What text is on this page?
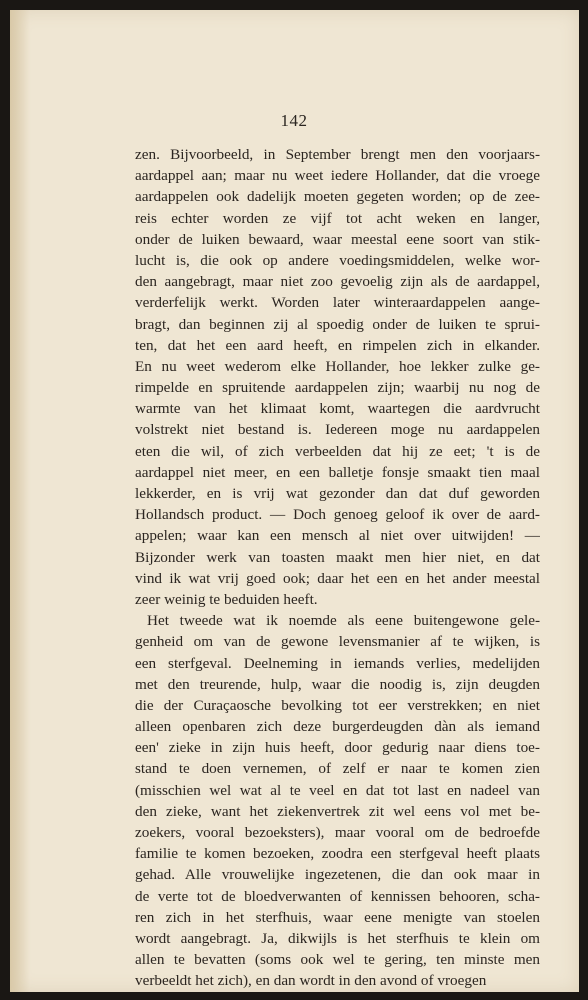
142
zen. Bijvoorbeeld, in September brengt men den voorjaars-
aardappel aan; maar nu weet iedere Hollander, dat die vroege
aardappelen ook dadelijk moeten gegeten worden; op de zee-
reis echter worden ze vijf tot acht weken en langer,
onder de luiken bewaard, waar meestal eene soort van stik-
lucht is, die ook op andere voedingsmiddelen, welke wor-
den aangebragt, maar niet zoo gevoelig zijn als de aardappel,
verderfelijk werkt. Worden later winteraardappelen aange-
bragt, dan beginnen zij al spoedig onder de luiken te sprui-
ten, dat het een aard heeft, en rimpelen zich in elkander.
En nu weet wederom elke Hollander, hoe lekker zulke ge-
rimpelde en spruitende aardappelen zijn; waarbij nu nog de
warmte van het klimaat komt, waartegen die aardvrucht
volstrekt niet bestand is. Iedereen moge nu aardappelen
eten die wil, of zich verbeelden dat hij ze eet; 't is de
aardappel niet meer, en een balletje fonsje smaakt tien maal
lekkerder, en is vrij wat gezonder dan dat duf geworden
Hollandsch product. — Doch genoeg geloof ik over de aard-
appelen; waar kan een mensch al niet over uitwijden! —
Bijzonder werk van toasten maakt men hier niet, en dat
vind ik wat vrij goed ook; daar het een en het ander meestal
zeer weinig te beduiden heeft.
Het tweede wat ik noemde als eene buitengewone gele-
genheid om van de gewone levensmanier af te wijken, is
een sterfgeval. Deelneming in iemands verlies, medelijden
met den treurende, hulp, waar die noodig is, zijn deugden
die der Curaçaosche bevolking tot eer verstrekken; en niet
alleen openbaren zich deze burgerdeugden dàn als iemand
een' zieke in zijn huis heeft, door gedurig naar diens toe-
stand te doen vernemen, of zelf er naar te komen zien
(misschien wel wat al te veel en dat tot last en nadeel van
den zieke, want het ziekenvertrek zit wel eens vol met be-
zoekers, vooral bezoeksters), maar vooral om de bedroefde
familie te komen bezoeken, zoodra een sterfgeval heeft plaats
gehad. Alle vrouwelijke ingezetenen, die dan ook maar in
de verte tot de bloedverwanten of kennissen behooren, scha-
ren zich in het sterfhuis, waar eene menigte van stoelen
wordt aangebragt. Ja, dikwijls is het sterfhuis te klein om
allen te bevatten (soms ook wel te gering, ten minste men
verbeeldt het zich), en dan wordt in den avond of vroegen
